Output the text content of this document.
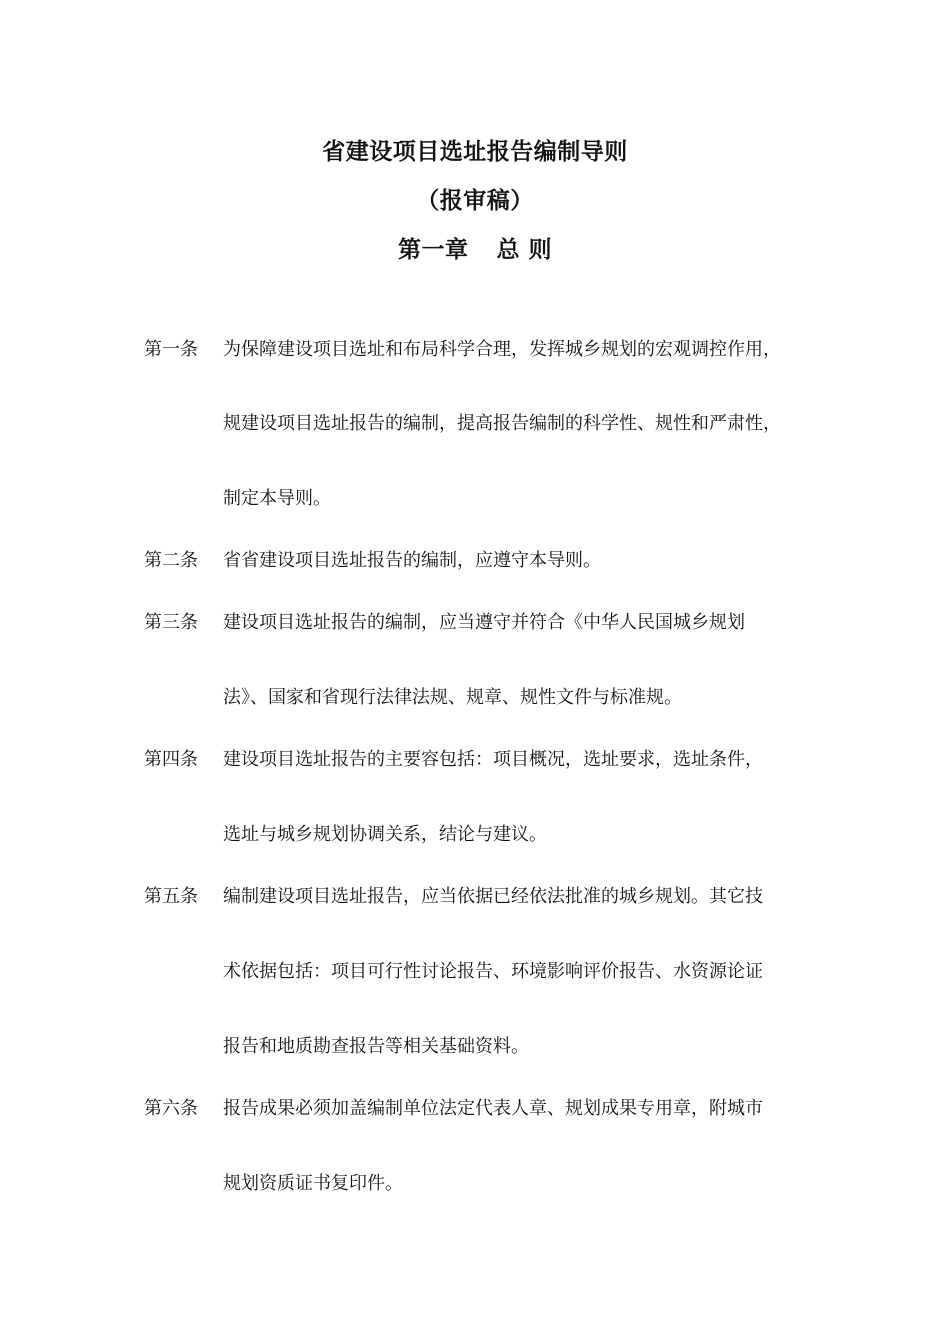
省建设项目选址报告编制导则
（报审稿）
第一章 总 则
第一条 为保障建设项目选址和布局科学合理，发挥城乡规划的宏观调控作用，
规建设项目选址报告的编制，提高报告编制的科学性、规性和严肃性，
制定本导则。
第二条 省省建设项目选址报告的编制，应遵守本导则。
第三条 建设项目选址报告的编制，应当遵守并符合《中华人民国城乡规划
法》、国家和省现行法律法规、规章、规性文件与标准规。
第四条 建设项目选址报告的主要容包括：项目概况，选址要求，选址条件，
选址与城乡规划协调关系，结论与建议。
第五条 编制建设项目选址报告，应当依据已经依法批准的城乡规划。其它技
术依据包括：项目可行性讨论报告、环境影响评价报告、水资源论证
报告和地质勘查报告等相关基础资料。
第六条 报告成果必须加盖编制单位法定代表人章、规划成果专用章，附城市
规划资质证书复印件。
